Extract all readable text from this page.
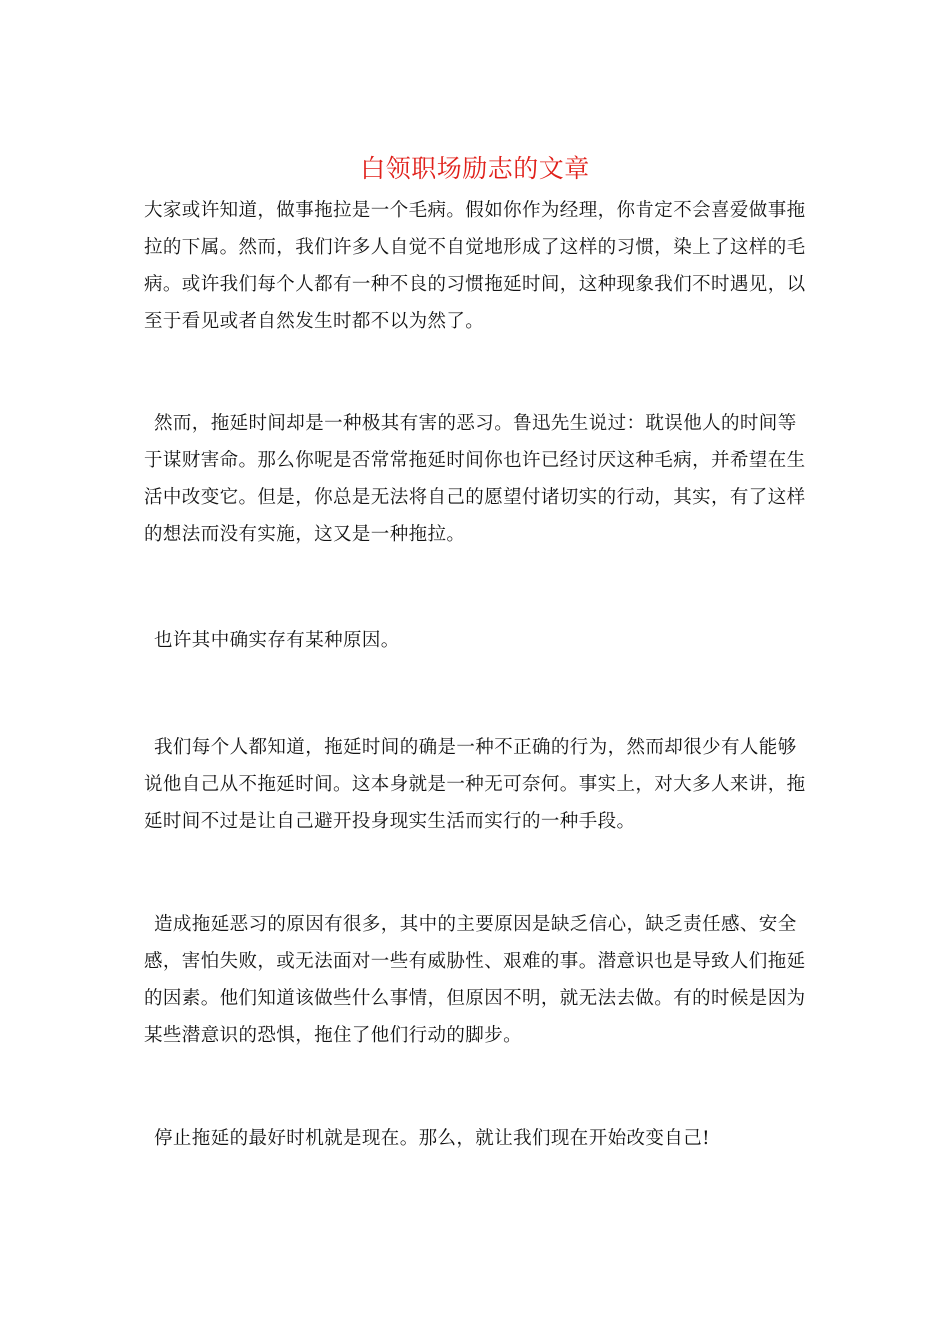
白领职场励志的文章

大家或许知道，做事拖拉是一个毛病。假如你作为经理，你肯定不会喜爱做事拖拉的下属。然而，我们许多人自觉不自觉地形成了这样的习惯，染上了这样的毛病。或许我们每个人都有一种不良的习惯拖延时间，这种现象我们不时遇见，以至于看见或者自然发生时都不以为然了。

然而，拖延时间却是一种极其有害的恶习。鲁迅先生说过：耽误他人的时间等于谋财害命。那么你呢是否常常拖延时间你也许已经讨厌这种毛病，并希望在生活中改变它。但是，你总是无法将自己的愿望付诸切实的行动，其实，有了这样的想法而没有实施，这又是一种拖拉。

也许其中确实存有某种原因。

我们每个人都知道，拖延时间的确是一种不正确的行为，然而却很少有人能够说他自己从不拖延时间。这本身就是一种无可奈何。事实上，对大多人来讲，拖延时间不过是让自己避开投身现实生活而实行的一种手段。

造成拖延恶习的原因有很多，其中的主要原因是缺乏信心，缺乏责任感、安全感，害怕失败，或无法面对一些有威胁性、艰难的事。潜意识也是导致人们拖延的因素。他们知道该做些什么事情，但原因不明，就无法去做。有的时候是因为某些潜意识的恐惧，拖住了他们行动的脚步。

停止拖延的最好时机就是现在。那么，就让我们现在开始改变自己!
